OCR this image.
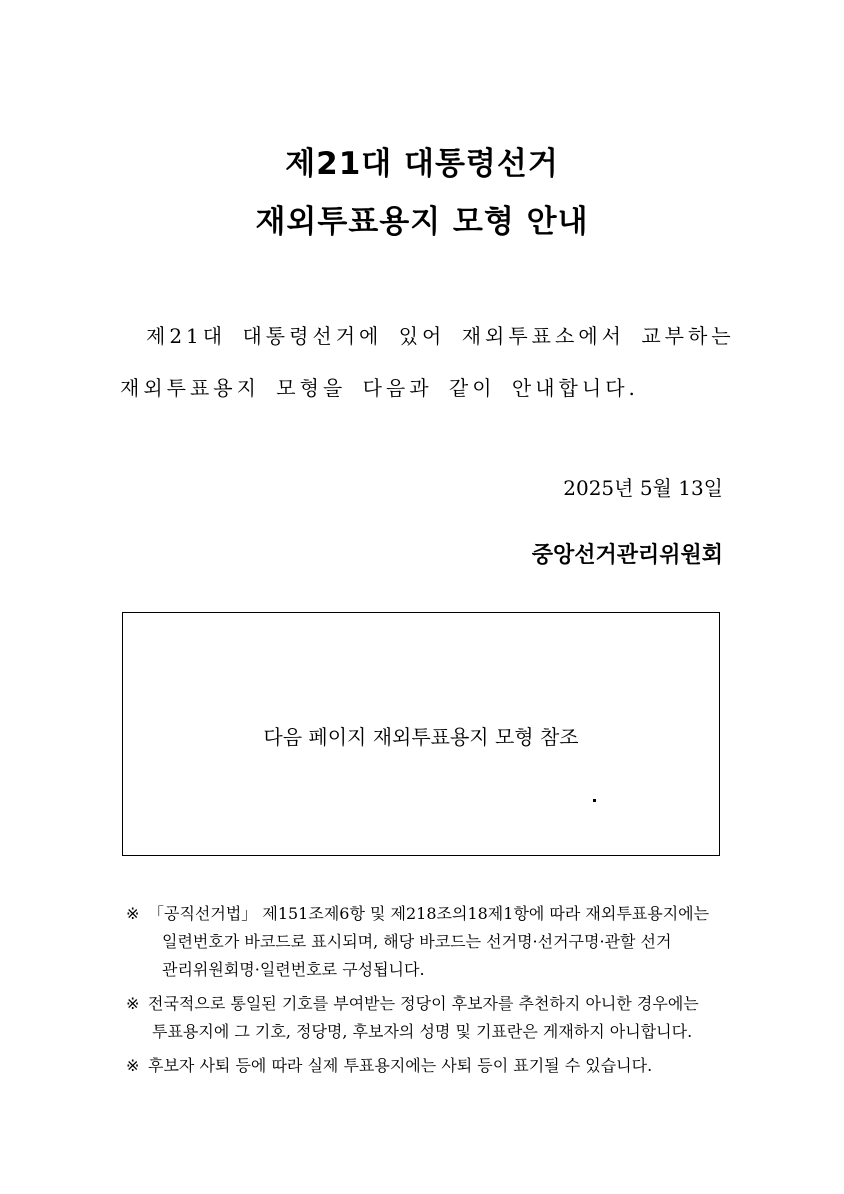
제21대 대통령선거
재외투표용지 모형 안내
제21대 대통령선거에 있어 재외투표소에서 교부하는
재외투표용지 모형을 다음과 같이 안내합니다.
2025년 5월 13일
중앙선거관리위원회
다음 페이지 재외투표용지 모형 참조
※ 「공직선거법」 제151조제6항 및 제218조의18제1항에 따라 재외투표용지에는
일련번호가 바코드로 표시되며, 해당 바코드는 선거명·선거구명·관할 선거
관리위원회명·일련번호로 구성됩니다.
※ 전국적으로 통일된 기호를 부여받는 정당이 후보자를 추천하지 아니한 경우에는
투표용지에 그 기호, 정당명, 후보자의 성명 및 기표란은 게재하지 아니합니다.
※ 후보자 사퇴 등에 따라 실제 투표용지에는 사퇴 등이 표기될 수 있습니다.
